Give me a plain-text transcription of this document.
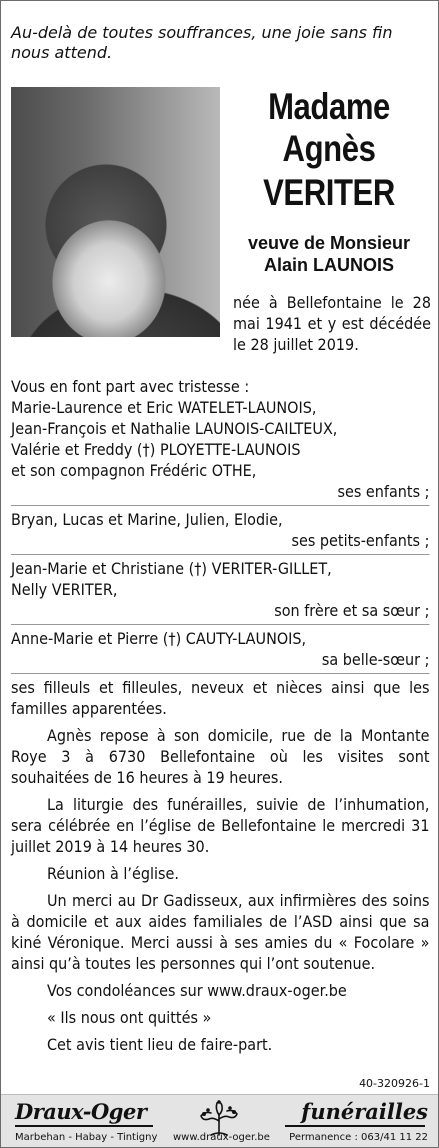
Au-delà de toutes souffrances, une joie sans fin nous attend.
Madame
Agnès
VERITER
veuve de Monsieur
Alain LAUNOIS
née à Bellefontaine le 28 mai 1941 et y est décédée le 28 juillet 2019.

Vous en font part avec tristesse :

Marie-Laurence et Eric WATELET-LAUNOIS,

Jean-François et Nathalie LAUNOIS-CAILTEUX,

Valérie et Freddy (†) PLOYETTE-LAUNOIS

et son compagnon Frédéric OTHE,

ses enfants ;

Bryan, Lucas et Marine, Julien, Elodie,

ses petits-enfants ;

Jean-Marie et Christiane (†) VERITER-GILLET,

Nelly VERITER,

son frère et sa sœur ;

Anne-Marie et Pierre (†) CAUTY-LAUNOIS,

sa belle-sœur ;

ses filleuls et filleules, neveux et nièces ainsi que les familles apparentées.

Agnès repose à son domicile, rue de la Montante Roye 3 à 6730 Bellefontaine où les visites sont souhaitées de 16 heures à 19 heures.

La liturgie des funérailles, suivie de l’inhumation, sera célébrée en l’église de Bellefontaine le mercredi 31 juillet 2019 à 14 heures 30.

Réunion à l’église.

Un merci au Dr Gadisseux, aux infirmières des soins à domicile et aux aides familiales de l’ASD ainsi que sa kiné Véronique. Merci aussi à ses amies du « Focolare » ainsi qu’à toutes les personnes qui l’ont soutenue.

Vos condoléances sur www.draux-oger.be

« Ils nous ont quittés »

Cet avis tient lieu de faire-part.

40-320926-1
Draux-Oger	funérailles
Marbehan - Habay - Tintigny www.draux-oger.be Permanence : 063/41 11 22
